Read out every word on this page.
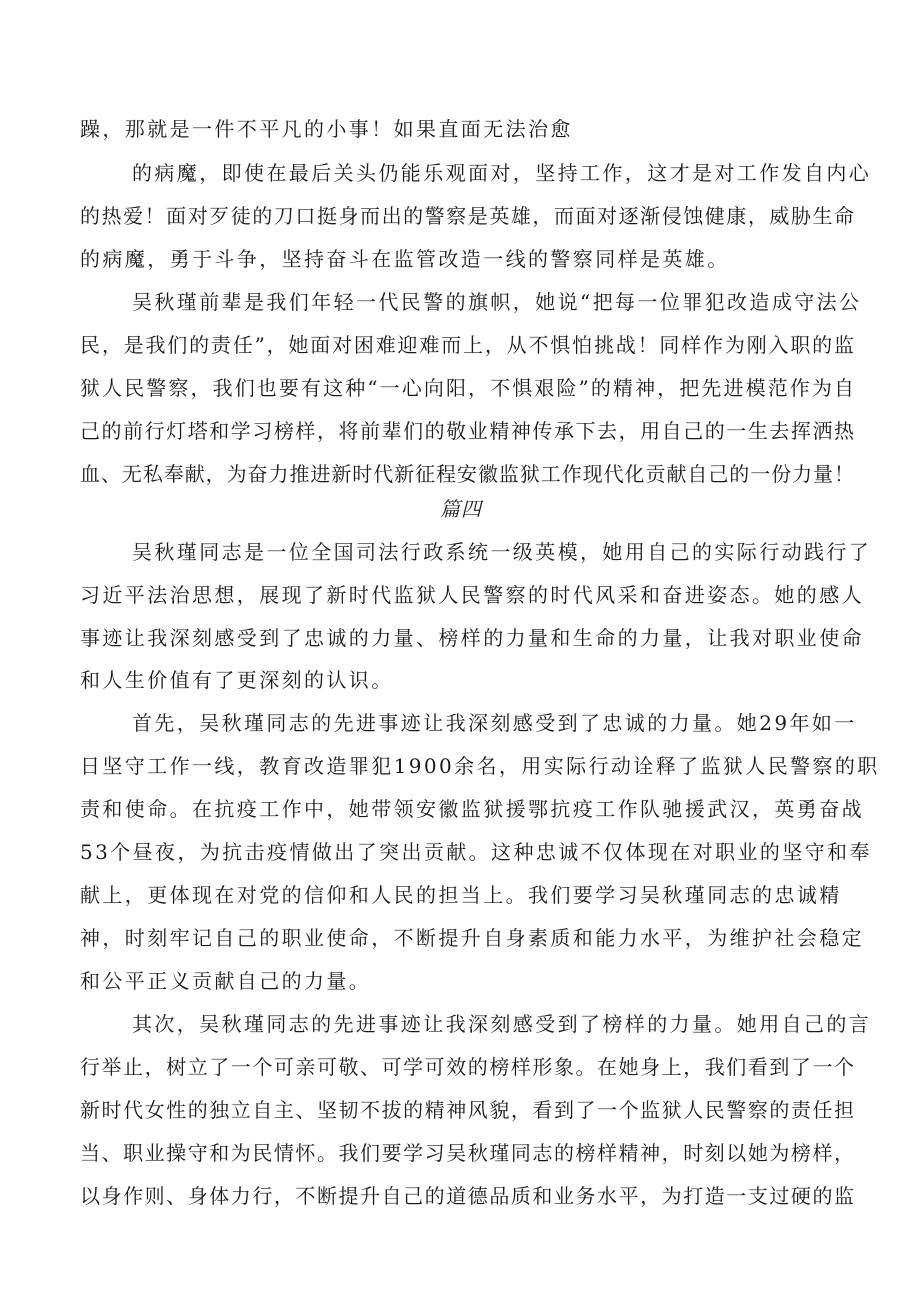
躁，那就是一件不平凡的小事！如果直面无法治愈
的病魔，即使在最后关头仍能乐观面对，坚持工作，这才是对工作发自内心
的热爱！面对歹徒的刀口挺身而出的警察是英雄，而面对逐渐侵蚀健康，威胁生命
的病魔，勇于斗争，坚持奋斗在监管改造一线的警察同样是英雄。
吴秋瑾前辈是我们年轻一代民警的旗帜，她说“把每一位罪犯改造成守法公
民，是我们的责任”，她面对困难迎难而上，从不惧怕挑战！同样作为刚入职的监
狱人民警察，我们也要有这种“一心向阳，不惧艰险”的精神，把先进模范作为自
己的前行灯塔和学习榜样，将前辈们的敬业精神传承下去，用自己的一生去挥洒热
血、无私奉献，为奋力推进新时代新征程安徽监狱工作现代化贡献自己的一份力量！
篇四
吴秋瑾同志是一位全国司法行政系统一级英模，她用自己的实际行动践行了
习近平法治思想，展现了新时代监狱人民警察的时代风采和奋进姿态。她的感人
事迹让我深刻感受到了忠诚的力量、榜样的力量和生命的力量，让我对职业使命
和人生价值有了更深刻的认识。
首先，吴秋瑾同志的先进事迹让我深刻感受到了忠诚的力量。她29年如一
日坚守工作一线，教育改造罪犯1900余名，用实际行动诠释了监狱人民警察的职
责和使命。在抗疫工作中，她带领安徽监狱援鄂抗疫工作队驰援武汉，英勇奋战
53个昼夜，为抗击疫情做出了突出贡献。这种忠诚不仅体现在对职业的坚守和奉
献上，更体现在对党的信仰和人民的担当上。我们要学习吴秋瑾同志的忠诚精
神，时刻牢记自己的职业使命，不断提升自身素质和能力水平，为维护社会稳定
和公平正义贡献自己的力量。
其次，吴秋瑾同志的先进事迹让我深刻感受到了榜样的力量。她用自己的言
行举止，树立了一个可亲可敬、可学可效的榜样形象。在她身上，我们看到了一个
新时代女性的独立自主、坚韧不拔的精神风貌，看到了一个监狱人民警察的责任担
当、职业操守和为民情怀。我们要学习吴秋瑾同志的榜样精神，时刻以她为榜样，
以身作则、身体力行，不断提升自己的道德品质和业务水平，为打造一支过硬的监
